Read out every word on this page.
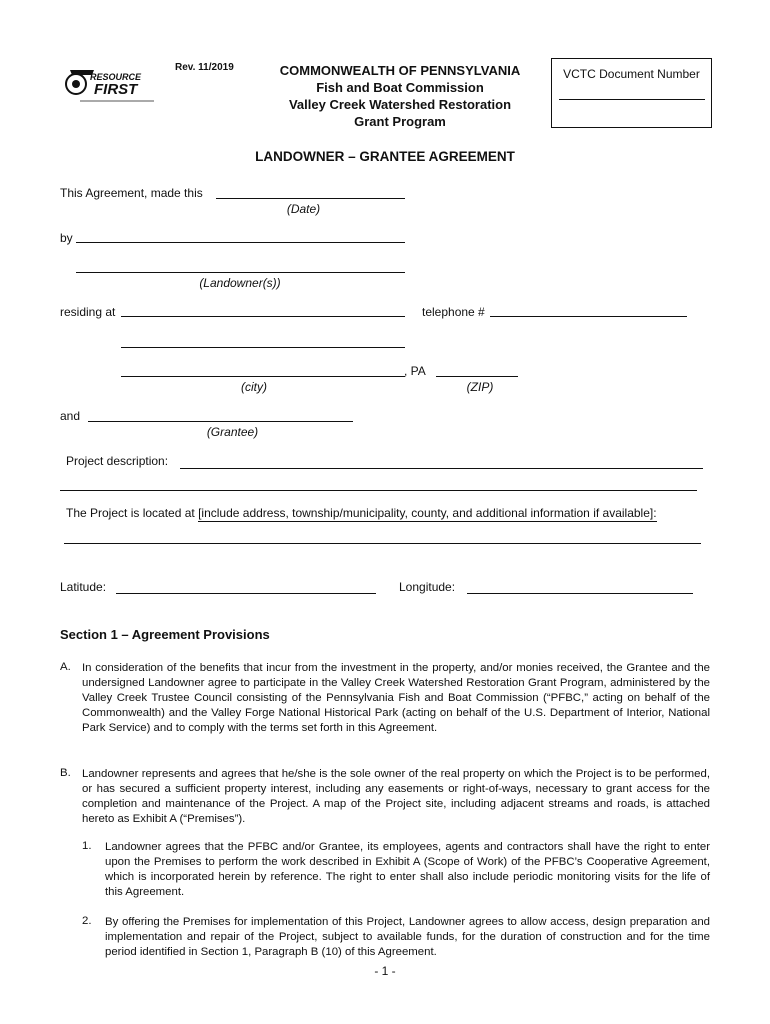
RESOURCE
FIRST
Rev. 11/2019	COMMONWEALTH OF PENNSYLVANIA
Fish and Boat Commission
Valley Creek Watershed Restoration
Grant Program
VCTC Document Number
LANDOWNER – GRANTEE AGREEMENT
This Agreement, made this
(Date)
by
(Landowner(s))
residing at	telephone #
, PA
(city)	(ZIP)
and
(Grantee)
Project description:
The Project is located at [include address, township/municipality, county, and additional information if available]:
Latitude:	Longitude:
Section 1 – Agreement Provisions
A. In consideration of the benefits that incur from the investment in the property, and/or monies received, the Grantee and the undersigned Landowner agree to participate in the Valley Creek Watershed Restoration Grant Program, administered by the Valley Creek Trustee Council consisting of the Pennsylvania Fish and Boat Commission (“PFBC,” acting on behalf of the Commonwealth) and the Valley Forge National Historical Park (acting on behalf of the U.S. Department of Interior, National Park Service) and to comply with the terms set forth in this Agreement.
B. Landowner represents and agrees that he/she is the sole owner of the real property on which the Project is to be performed, or has secured a sufficient property interest, including any easements or right-of-ways, necessary to grant access for the completion and maintenance of the Project. A map of the Project site, including adjacent streams and roads, is attached hereto as Exhibit A (“Premises”).
1. Landowner agrees that the PFBC and/or Grantee, its employees, agents and contractors shall have the right to enter upon the Premises to perform the work described in Exhibit A (Scope of Work) of the PFBC’s Cooperative Agreement, which is incorporated herein by reference. The right to enter shall also include periodic monitoring visits for the life of this Agreement.
2. By offering the Premises for implementation of this Project, Landowner agrees to allow access, design preparation and implementation and repair of the Project, subject to available funds, for the duration of construction and for the time period identified in Section 1, Paragraph B (10) of this Agreement.
- 1 -
